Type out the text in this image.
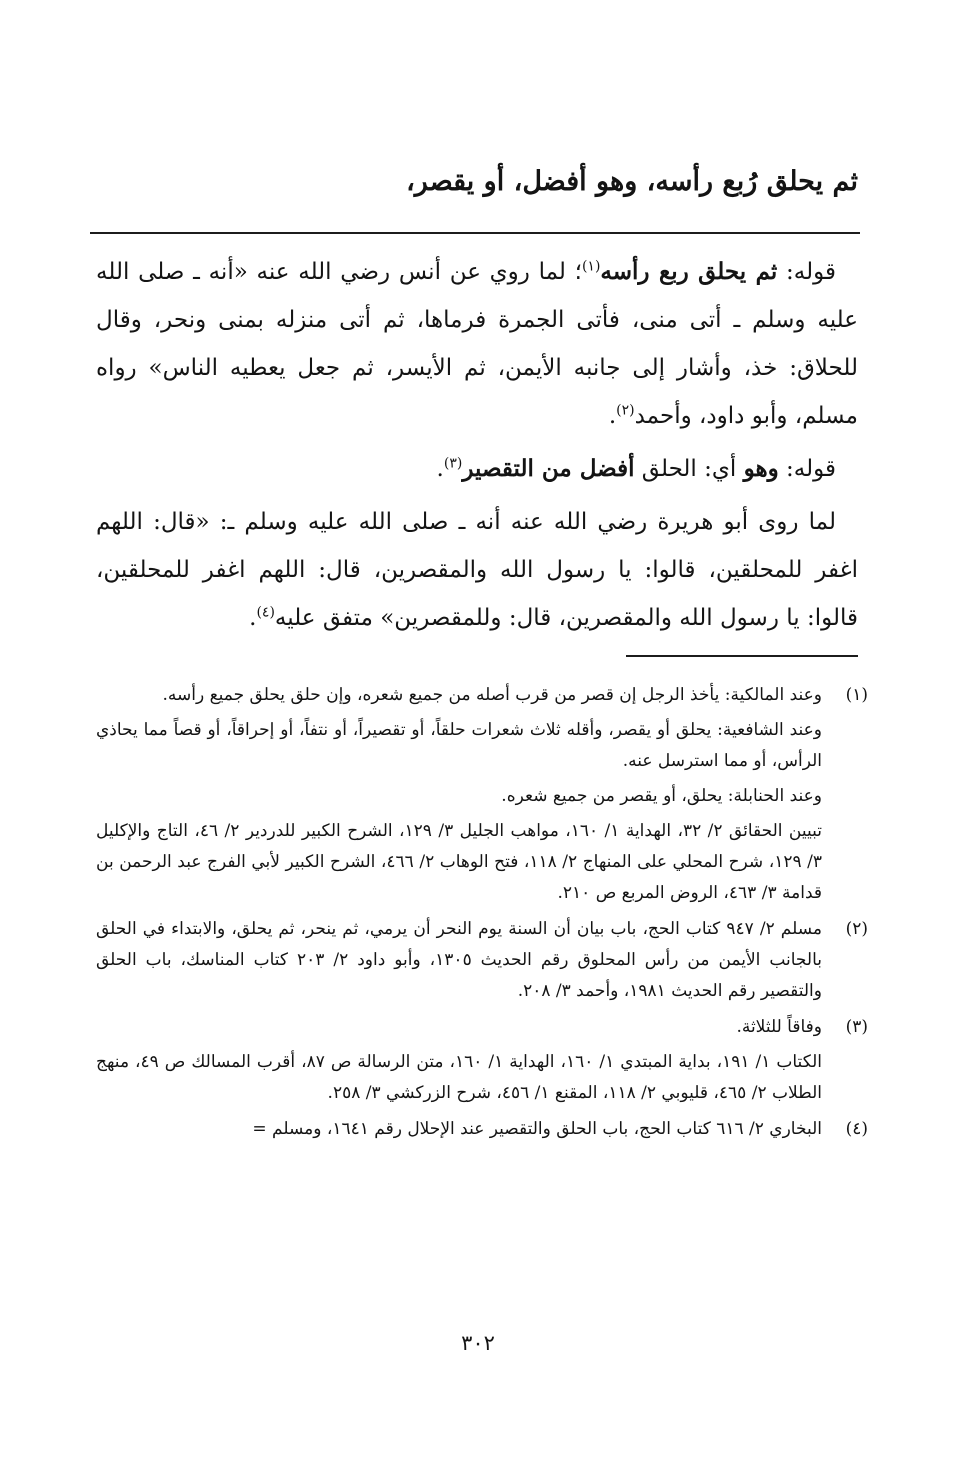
ثم يحلق رُبع رأسه، وهو أفضل، أو يقصر،

قوله: ثم يحلق ربع رأسه$^{(١)}$؛ لما روي عن أنس رضي الله عنه «أنه ـ صلى الله عليه وسلم ـ أتى منى، فأتى الجمرة فرماها، ثم أتى منزله بمنى ونحر، وقال للحلاق: خذ، وأشار إلى جانبه الأيمن، ثم الأيسر، ثم جعل يعطيه الناس» رواه مسلم، وأبو داود، وأحمد$^{(٢)}$.

قوله: وهو أي: الحلق أفضل من التقصير$^{(٣)}$.

لما روى أبو هريرة رضي الله عنه أنه ـ صلى الله عليه وسلم ـ: «قال: اللهم اغفر للمحلقين، قالوا: يا رسول الله والمقصرين، قال: اللهم اغفر للمحلقين، قالوا: يا رسول الله والمقصرين، قال: وللمقصرين» متفق عليه$^{(٤)}$.

(١)

وعند المالكية: يأخذ الرجل إن قصر من قرب أصله من جميع شعره، وإن حلق يحلق جميع رأسه.

وعند الشافعية: يحلق أو يقصر، وأقله ثلاث شعرات حلقاً، أو تقصيراً، أو نتفاً، أو إحراقاً، أو قصاً مما يحاذي الرأس، أو مما استرسل عنه.

وعند الحنابلة: يحلق، أو يقصر من جميع شعره.

تبيين الحقائق ٢/ ٣٢، الهداية ١/ ١٦٠، مواهب الجليل ٣/ ١٢٩، الشرح الكبير للدردير ٢/ ٤٦، التاج والإكليل ٣/ ١٢٩، شرح المحلي على المنهاج ٢/ ١١٨، فتح الوهاب ٢/ ٤٦٦، الشرح الكبير لأبي الفرج عبد الرحمن بن قدامة ٣/ ٤٦٣، الروض المربع ص ٢١٠.

(٢)

مسلم ٢/ ٩٤٧ كتاب الحج، باب بيان أن السنة يوم النحر أن يرمي، ثم ينحر، ثم يحلق، والابتداء في الحلق بالجانب الأيمن من رأس المحلوق رقم الحديث ١٣٠٥، وأبو داود ٢/ ٢٠٣ كتاب المناسك، باب الحلق والتقصير رقم الحديث ١٩٨١، وأحمد ٣/ ٢٠٨.

(٣)

وفاقاً للثلاثة.

الكتاب ١/ ١٩١، بداية المبتدي ١/ ١٦٠، الهداية ١/ ١٦٠، متن الرسالة ص ٨٧، أقرب المسالك ص ٤٩، منهج الطلاب ٢/ ٤٦٥، قليوبي ٢/ ١١٨، المقنع ١/ ٤٥٦، شرح الزركشي ٣/ ٢٥٨.

(٤)

البخاري ٢/ ٦١٦ كتاب الحج، باب الحلق والتقصير عند الإحلال رقم ١٦٤١، ومسلم =

٣٠٢
